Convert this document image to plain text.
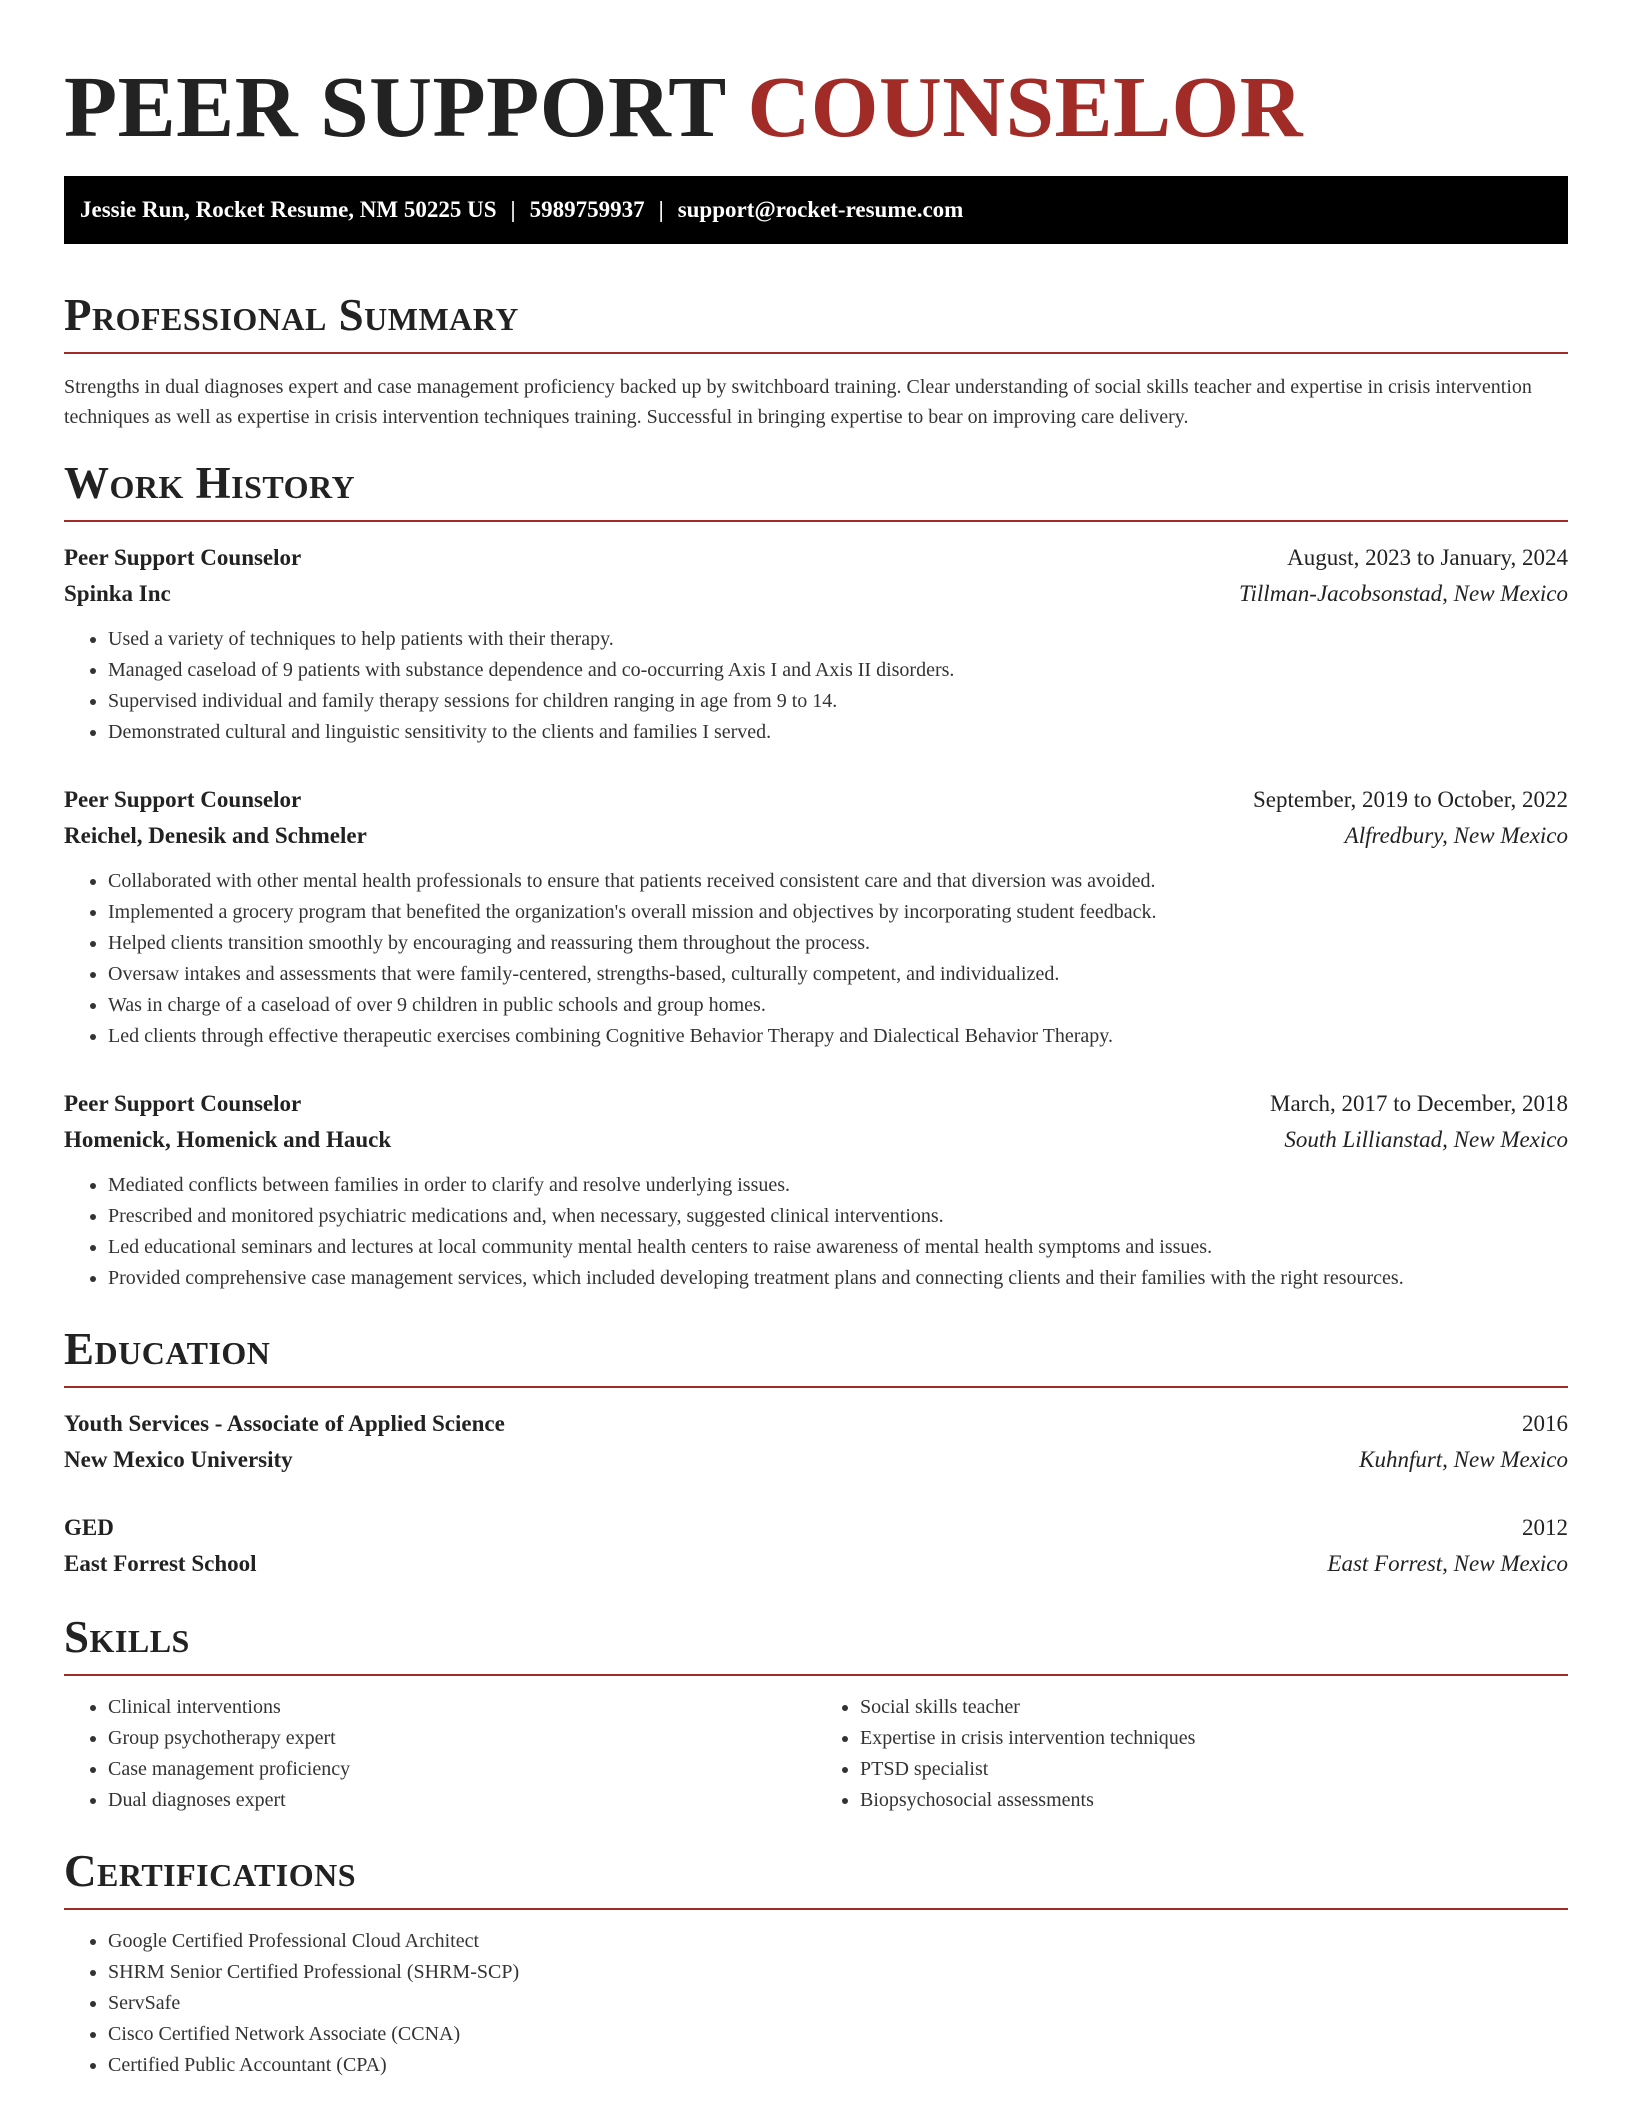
PEER SUPPORT COUNSELOR
Jessie Run, Rocket Resume, NM 50225 US | 5989759937 | support@rocket-resume.com
Professional Summary

Strengths in dual diagnoses expert and case management proficiency backed up by switchboard training. Clear understanding of social skills teacher and expertise in crisis intervention techniques as well as expertise in crisis intervention techniques training. Successful in bringing expertise to bear on improving care delivery.

Work History
Peer Support Counselor	August, 2023 to January, 2024
Spinka Inc	Tillman-Jacobsonstad, New Mexico
• Used a variety of techniques to help patients with their therapy.
• Managed caseload of 9 patients with substance dependence and co-occurring Axis I and Axis II disorders.
• Supervised individual and family therapy sessions for children ranging in age from 9 to 14.
• Demonstrated cultural and linguistic sensitivity to the clients and families I served.
Peer Support Counselor	September, 2019 to October, 2022
Reichel, Denesik and Schmeler	Alfredbury, New Mexico
• Collaborated with other mental health professionals to ensure that patients received consistent care and that diversion was avoided.
• Implemented a grocery program that benefited the organization's overall mission and objectives by incorporating student feedback.
• Helped clients transition smoothly by encouraging and reassuring them throughout the process.
• Oversaw intakes and assessments that were family-centered, strengths-based, culturally competent, and individualized.
• Was in charge of a caseload of over 9 children in public schools and group homes.
• Led clients through effective therapeutic exercises combining Cognitive Behavior Therapy and Dialectical Behavior Therapy.
Peer Support Counselor	March, 2017 to December, 2018
Homenick, Homenick and Hauck	South Lillianstad, New Mexico
• Mediated conflicts between families in order to clarify and resolve underlying issues.
• Prescribed and monitored psychiatric medications and, when necessary, suggested clinical interventions.
• Led educational seminars and lectures at local community mental health centers to raise awareness of mental health symptoms and issues.
• Provided comprehensive case management services, which included developing treatment plans and connecting clients and their families with the right resources.
Education
Youth Services - Associate of Applied Science	2016
New Mexico University	Kuhnfurt, New Mexico
GED	2012
East Forrest School	East Forrest, New Mexico
Skills
• Clinical interventions
• Group psychotherapy expert
• Case management proficiency
• Dual diagnoses expert
• Social skills teacher
• Expertise in crisis intervention techniques
• PTSD specialist
• Biopsychosocial assessments
Certifications
• Google Certified Professional Cloud Architect
• SHRM Senior Certified Professional (SHRM-SCP)
• ServSafe
• Cisco Certified Network Associate (CCNA)
• Certified Public Accountant (CPA)
